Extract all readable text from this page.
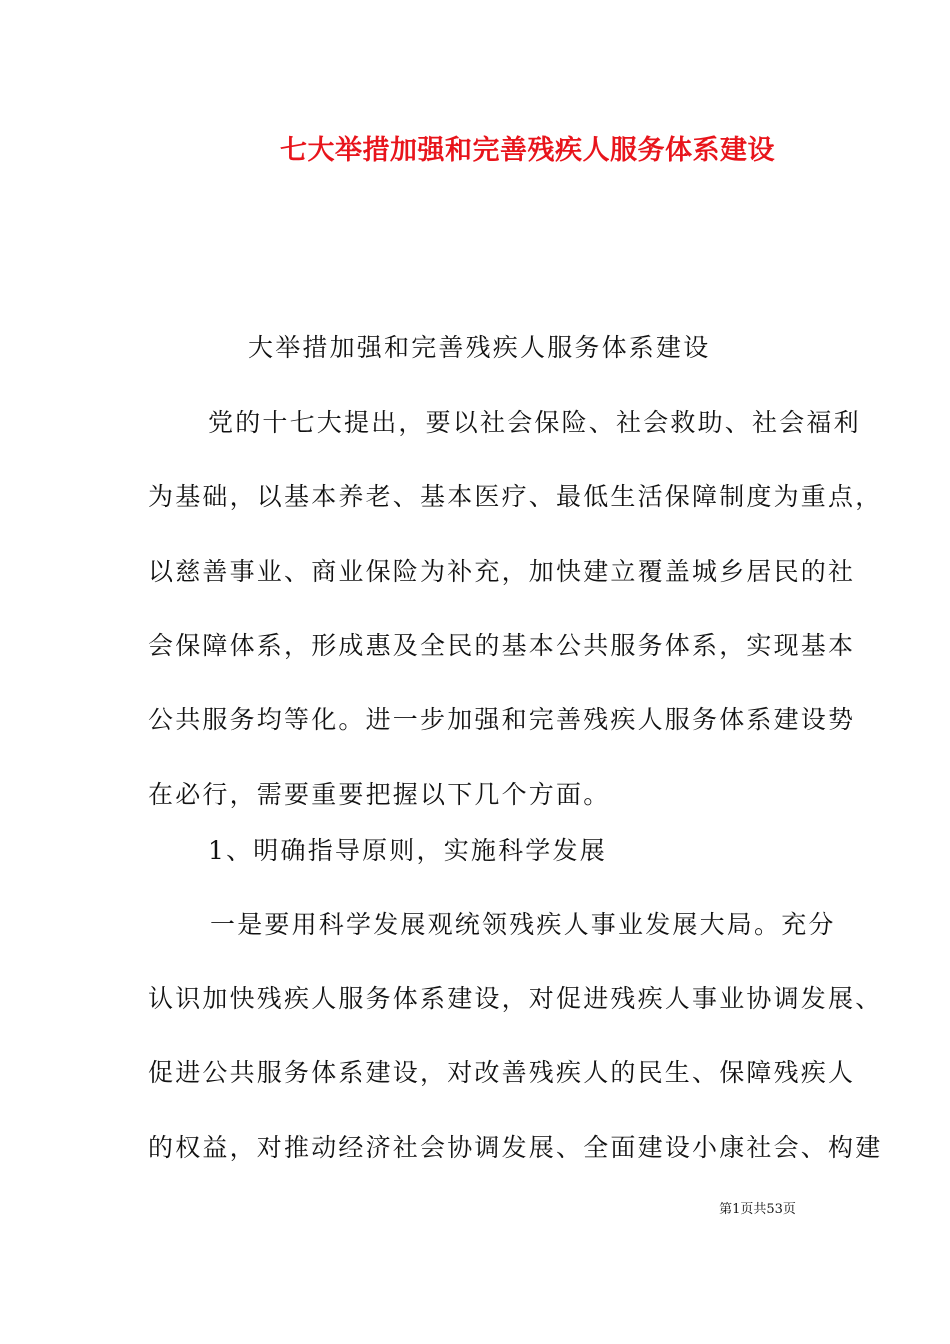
七大举措加强和完善残疾人服务体系建设
大举措加强和完善残疾人服务体系建设
党的十七大提出，要以社会保险、社会救助、社会福利
为基础，以基本养老、基本医疗、最低生活保障制度为重点，
以慈善事业、商业保险为补充，加快建立覆盖城乡居民的社
会保障体系，形成惠及全民的基本公共服务体系，实现基本
公共服务均等化。进一步加强和完善残疾人服务体系建设势
在必行，需要重要把握以下几个方面。
1、明确指导原则，实施科学发展
一是要用科学发展观统领残疾人事业发展大局。充分
认识加快残疾人服务体系建设，对促进残疾人事业协调发展、
促进公共服务体系建设，对改善残疾人的民生、保障残疾人
的权益，对推动经济社会协调发展、全面建设小康社会、构建
第1页共53页
